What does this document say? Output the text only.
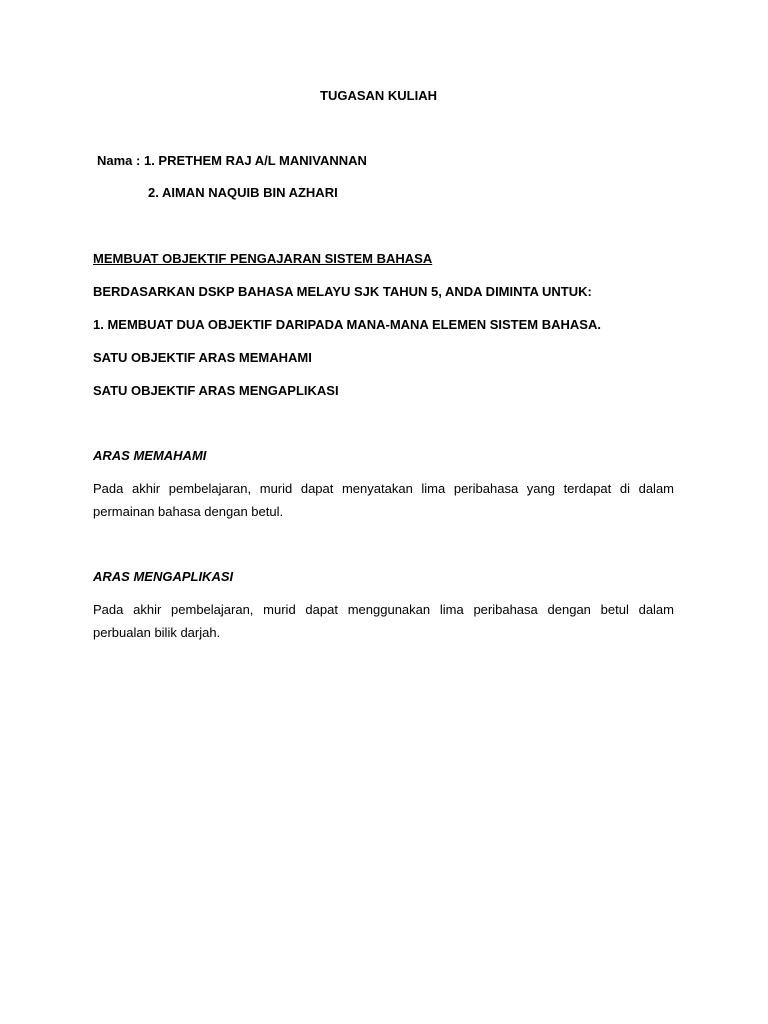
TUGASAN KULIAH

Nama : 1. PRETHEM RAJ A/L MANIVANNAN

2. AIMAN NAQUIB BIN AZHARI

MEMBUAT OBJEKTIF PENGAJARAN SISTEM BAHASA

BERDASARKAN DSKP BAHASA MELAYU SJK TAHUN 5, ANDA DIMINTA UNTUK:

1. MEMBUAT DUA OBJEKTIF DARIPADA MANA-MANA ELEMEN SISTEM BAHASA.

SATU OBJEKTIF ARAS MEMAHAMI

SATU OBJEKTIF ARAS MENGAPLIKASI

ARAS MEMAHAMI

Pada akhir pembelajaran, murid dapat menyatakan lima peribahasa yang terdapat di dalam
permainan bahasa dengan betul.

ARAS MENGAPLIKASI

Pada akhir pembelajaran, murid dapat menggunakan lima peribahasa dengan betul dalam
perbualan bilik darjah.
